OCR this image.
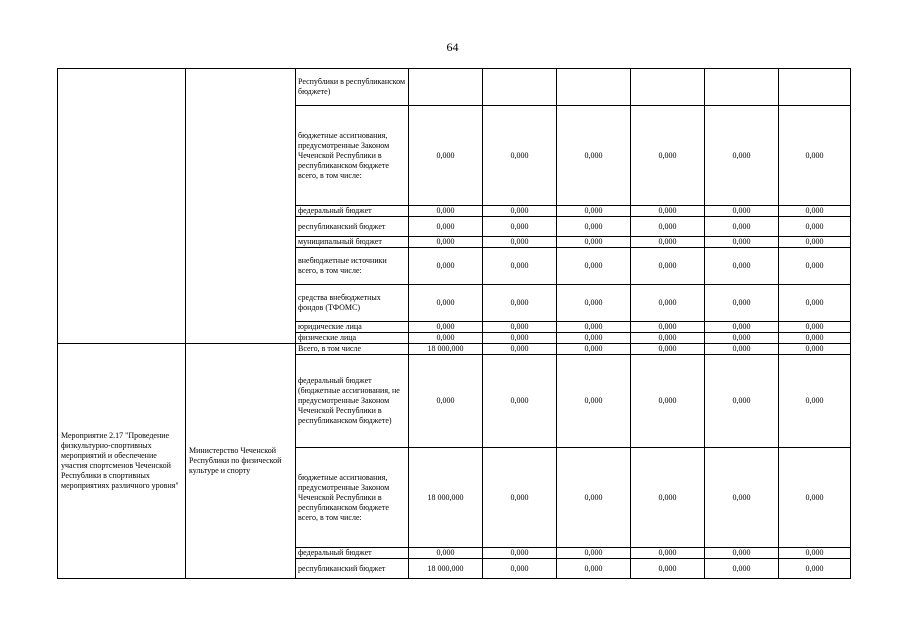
64
		Республики в республиканском бюджете)							
		бюджетные ассигнования, предусмотренные Законом Чеченской Республики в республиканском бюджете всего, в том числе:	0,000	0,000	0,000	0,000	0,000	0,000	
		федеральный бюджет	0,000	0,000	0,000	0,000	0,000	0,000	
		республиканский бюджет	0,000	0,000	0,000	0,000	0,000	0,000	
		муниципальный бюджет	0,000	0,000	0,000	0,000	0,000	0,000	
		внебюджетные источники всего, в том числе:	0,000	0,000	0,000	0,000	0,000	0,000	
		средства внебюджетных фондов (ТФОМС)	0,000	0,000	0,000	0,000	0,000	0,000	
		юридические лица	0,000	0,000	0,000	0,000	0,000	0,000	
		физические лица	0,000	0,000	0,000	0,000	0,000	0,000	
Мероприятие 2.17 "Проведение физкультурно-спортивных мероприятий и обеспечение участия спортсменов Чеченской Республики в спортивных мероприятиях различного уровня"	Министерство Чеченской Республики по физической культуре и спорту	Всего, в том числе	18 000,000	0,000	0,000	0,000	0,000	0,000	
		федеральный бюджет (бюджетные ассигнования, не предусмотренные Законом Чеченской Республики в республиканском бюджете)	0,000	0,000	0,000	0,000	0,000	0,000	
		бюджетные ассигнования, предусмотренные Законом Чеченской Республики в республиканском бюджете всего, в том числе:	18 000,000	0,000	0,000	0,000	0,000	0,000	
		федеральный бюджет	0,000	0,000	0,000	0,000	0,000	0,000	
		республиканский бюджет	18 000,000	0,000	0,000	0,000	0,000	0,000	
